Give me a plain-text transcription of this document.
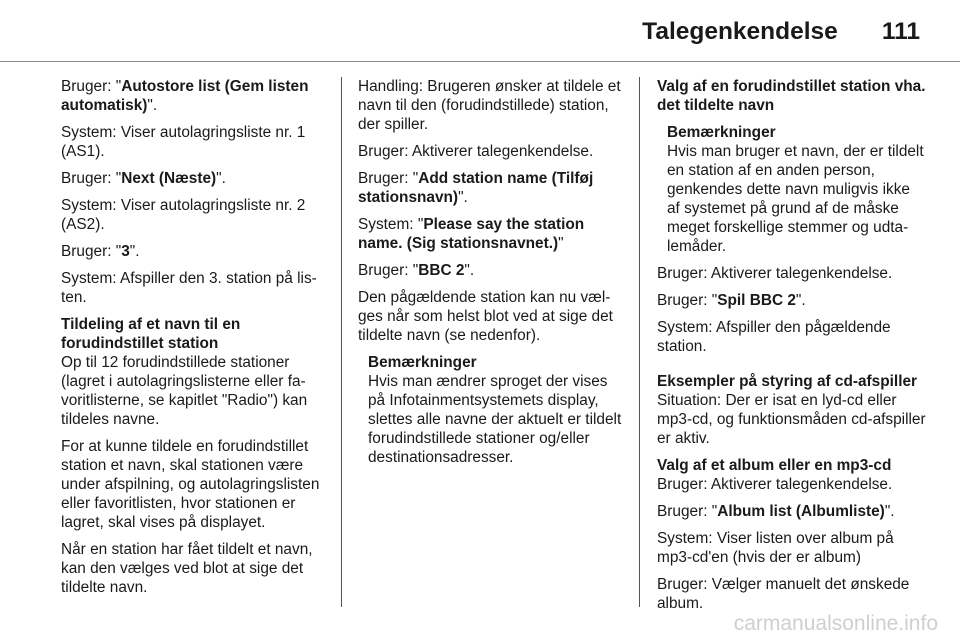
Talegenkendelse 111

Bruger: "Autostore list (Gem listen automatisk)".

System: Viser autolagringsliste nr. 1 (AS1).

Bruger: "Next (Næste)".

System: Viser autolagringsliste nr. 2 (AS2).

Bruger: "3".

System: Afspiller den 3. station på listen.

Tildeling af et navn til en forudindstillet station

Op til 12 forudindstillede stationer (lagret i autolagringslisterne eller favoritlisterne, se kapitlet "Radio") kan tildeles navne.

For at kunne tildele en forudindstillet station et navn, skal stationen være under afspilning, og autolagringslisten eller favoritlisten, hvor stationen er lagret, skal vises på displayet.

Når en station har fået tildelt et navn, kan den vælges ved blot at sige det tildelte navn.

Handling: Brugeren ønsker at tildele et navn til den (forudindstillede) station, der spiller.

Bruger: Aktiverer talegenkendelse.

Bruger: "Add station name (Tilføj stationsnavn)".

System: "Please say the station name. (Sig stationsnavnet.)"

Bruger: "BBC 2".

Den pågældende station kan nu vælges når som helst blot ved at sige det tildelte navn (se nedenfor).

Bemærkninger
Hvis man ændrer sproget der vises på Infotainmentsystemets display, slettes alle navne der aktuelt er tildelt forudindstillede stationer og/eller destinationsadresser.
Valg af en forudindstillet station vha. det tildelte navn
Bemærkninger
Hvis man bruger et navn, der er tildelt en station af en anden person, genkendes dette navn muligvis ikke af systemet på grund af de måske meget forskellige stemmer og udtalemåder.

Bruger: Aktiverer talegenkendelse.

Bruger: "Spil BBC 2".

System: Afspiller den pågældende station.

Eksempler på styring af cd-afspiller

Situation: Der er isat en lyd-cd eller mp3-cd, og funktionsmåden cd-afspiller er aktiv.

Valg af et album eller en mp3-cd

Bruger: Aktiverer talegenkendelse.

Bruger: "Album list (Albumliste)".

System: Viser listen over album på mp3-cd'en (hvis der er album)

Bruger: Vælger manuelt det ønskede album.

carmanualsonline.info
